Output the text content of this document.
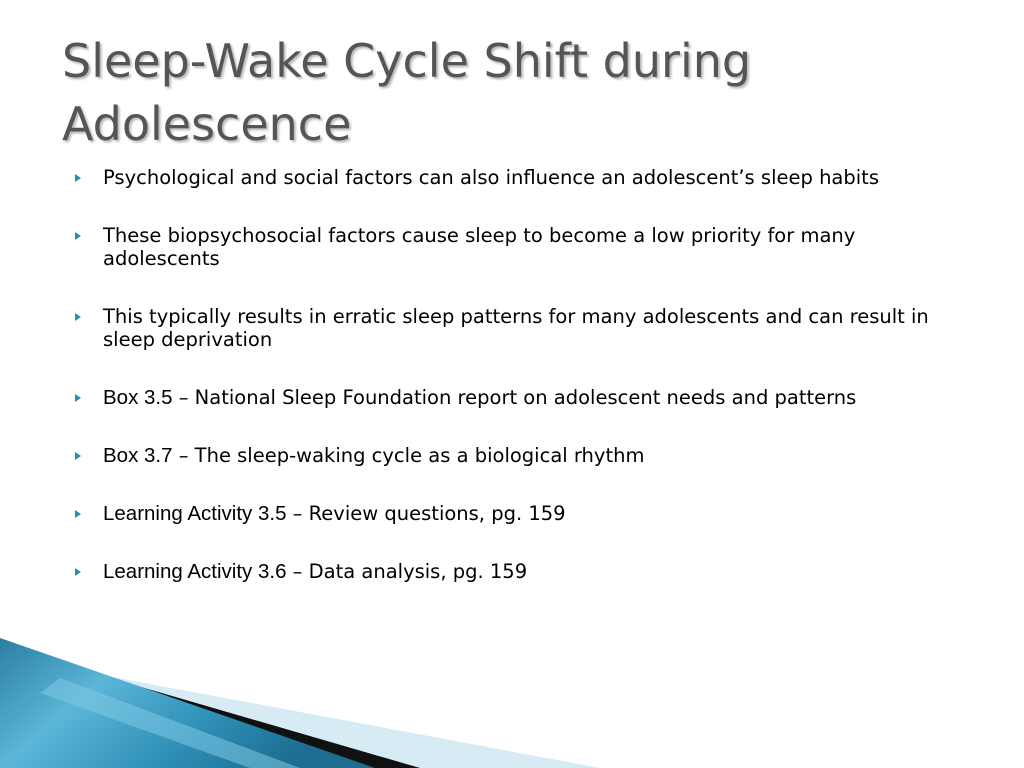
Sleep-Wake Cycle Shift during Adolescence
Psychological and social factors can also influence an adolescent’s sleep habits
These biopsychosocial factors cause sleep to become a low priority for many adolescents
This typically results in erratic sleep patterns for many adolescents and can result in sleep deprivation
Box 3.5 – National Sleep Foundation report on adolescent needs and patterns
Box 3.7 – The sleep-waking cycle as a biological rhythm
Learning Activity 3.5 – Review questions, pg. 159
Learning Activity 3.6 – Data analysis, pg. 159
